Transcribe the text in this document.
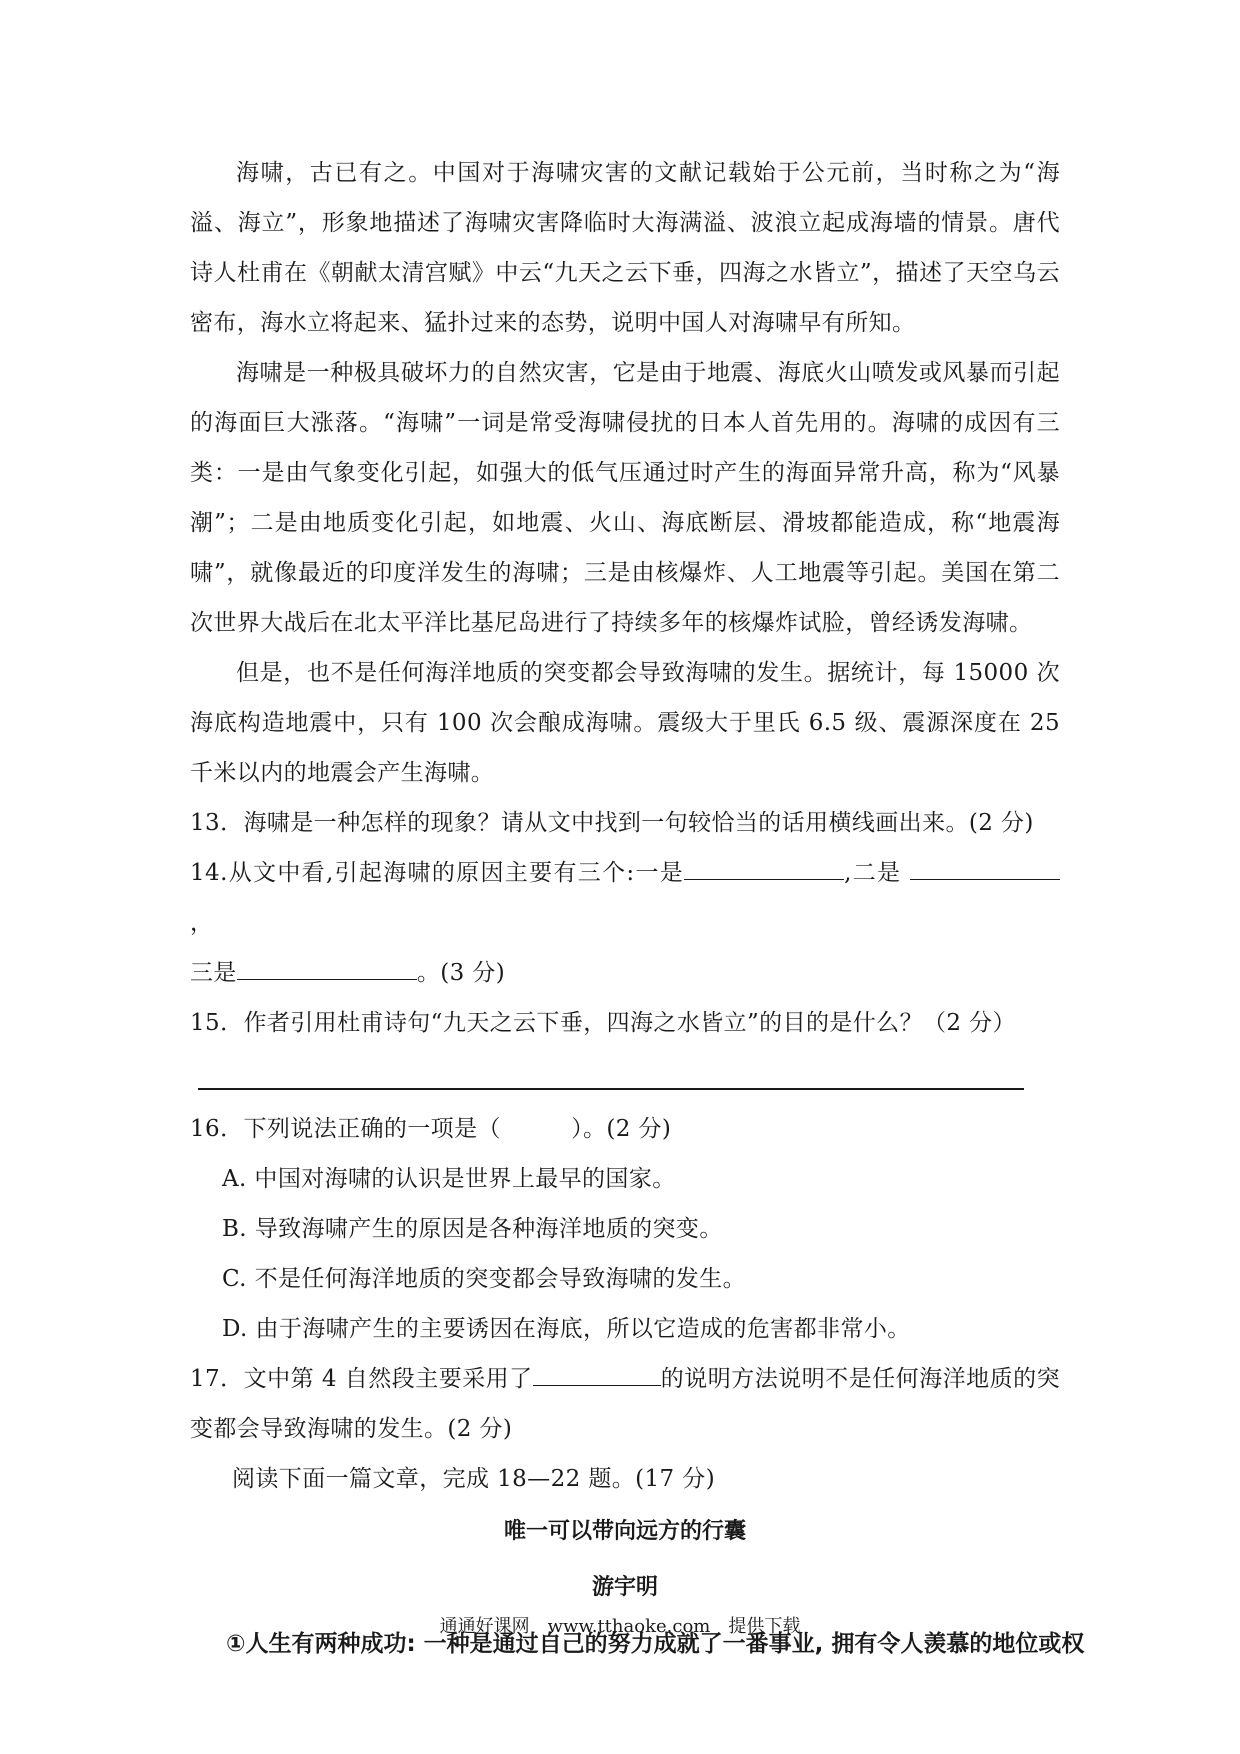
海啸，古已有之。中国对于海啸灾害的文献记载始于公元前，当时称之为“海溢、海立”，形象地描述了海啸灾害降临时大海满溢、波浪立起成海墙的情景。唐代诗人杜甫在《朝献太清宫赋》中云“九天之云下垂，四海之水皆立”，描述了天空乌云密布，海水立将起来、猛扑过来的态势，说明中国人对海啸早有所知。

海啸是一种极具破坏力的自然灾害，它是由于地震、海底火山喷发或风暴而引起的海面巨大涨落。“海啸”一词是常受海啸侵扰的日本人首先用的。海啸的成因有三类：一是由气象变化引起，如强大的低气压通过时产生的海面异常升高，称为“风暴潮”；二是由地质变化引起，如地震、火山、海底断层、滑坡都能造成，称“地震海啸”，就像最近的印度洋发生的海啸；三是由核爆炸、人工地震等引起。美国在第二次世界大战后在北太平洋比基尼岛进行了持续多年的核爆炸试脸，曾经诱发海啸。

但是，也不是任何海洋地质的突变都会导致海啸的发生。据统计，每 15000 次海底构造地震中，只有 100 次会酿成海啸。震级大于里氏 6.5 级、震源深度在 25 千米以内的地震会产生海啸。

13．海啸是一种怎样的现象？请从文中找到一句较恰当的话用横线画出来。(2 分)

14.从文中看,引起海啸的原因主要有三个:一是	,二是 ，
三是	。(3 分)

15．作者引用杜甫诗句“九天之云下垂，四海之水皆立”的目的是什么？（2 分）

16．下列说法正确的一项是（　　　）。(2 分)

A. 中国对海啸的认识是世界上最早的国家。

B. 导致海啸产生的原因是各种海洋地质的突变。

C. 不是任何海洋地质的突变都会导致海啸的发生。

D. 由于海啸产生的主要诱因在海底，所以它造成的危害都非常小。

17．文中第 4 自然段主要采用了	的说明方法说明不是任何海洋地质的突变都会导致海啸的发生。(2 分)

阅读下面一篇文章，完成 18—22 题。(17 分)

唯一可以带向远方的行囊

游宇明

①人生有两种成功: 一种是通过自己的努力成就了一番事业, 拥有令人羡慕的地位或权

通通好课网　www.tthaoke.com　提供下载
